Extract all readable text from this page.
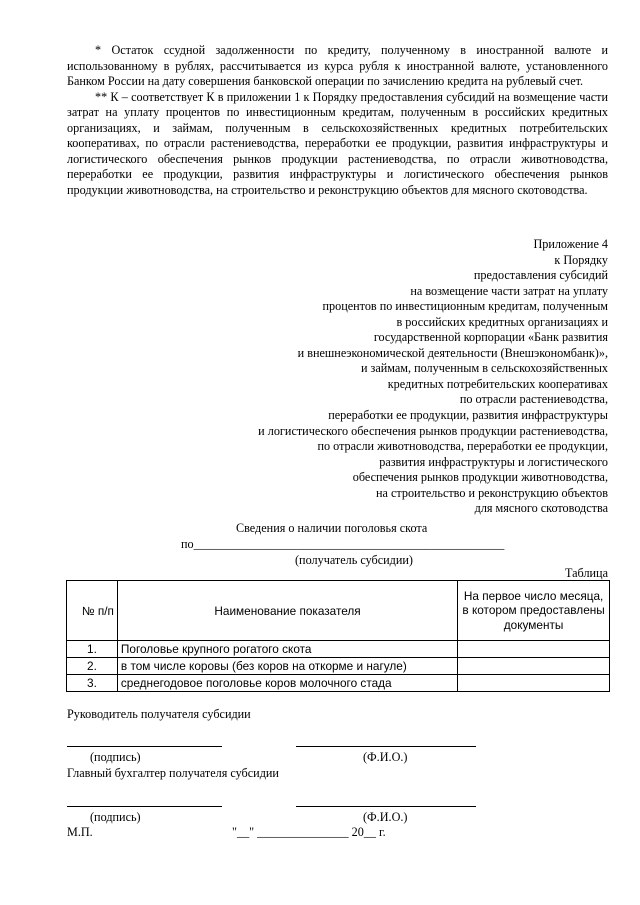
* Остаток ссудной задолженности по кредиту, полученному в иностранной валюте и использованному в рублях, рассчитывается из курса рубля к иностранной валюте, установленного Банком России на дату совершения банковской операции по зачислению кредита на рублевый счет.

** К – соответствует К в приложении 1 к Порядку предоставления субсидий на возмещение части затрат на уплату процентов по инвестиционным кредитам, полученным в российских кредитных организациях, и займам, полученным в сельскохозяйственных кредитных потребительских кооперативах, по отрасли растениеводства, переработки ее продукции, развития инфраструктуры и логистического обеспечения рынков продукции растениеводства, по отрасли животноводства, переработки ее продукции, развития инфраструктуры и логистического обеспечения рынков продукции животноводства, на строительство и реконструкцию объектов для мясного скотоводства.

Приложение 4
к Порядку
предоставления субсидий
на возмещение части затрат на уплату
процентов по инвестиционным кредитам, полученным
в российских кредитных организациях и
государственной корпорации «Банк развития
и внешнеэкономической деятельности (Внешэкономбанк)»,
и займам, полученным в сельскохозяйственных
кредитных потребительских кооперативах
по отрасли растениеводства,
переработки ее продукции, развития инфраструктуры
и логистического обеспечения рынков продукции растениеводства,
по отрасли животноводства, переработки ее продукции,
развития инфраструктуры и логистического
обеспечения рынков продукции животноводства,
на строительство и реконструкцию объектов
для мясного скотоводства
Сведения о наличии поголовья скота
по___________________________________________________
(получатель субсидии)
Таблица
№ п/п	Наименование показателя	На первое число месяца, в котором предоставлены документы
1.	Поголовье крупного рогатого скота	
2.	в том числе коровы (без коров на откорме и нагуле)	
3.	среднегодовое поголовье коров молочного стада	
Руководитель получателя субсидии
(подпись)	(Ф.И.О.)
Главный бухгалтер получателя субсидии
(подпись)	(Ф.И.О.)
М.П.	"__" _______________ 20__ г.
